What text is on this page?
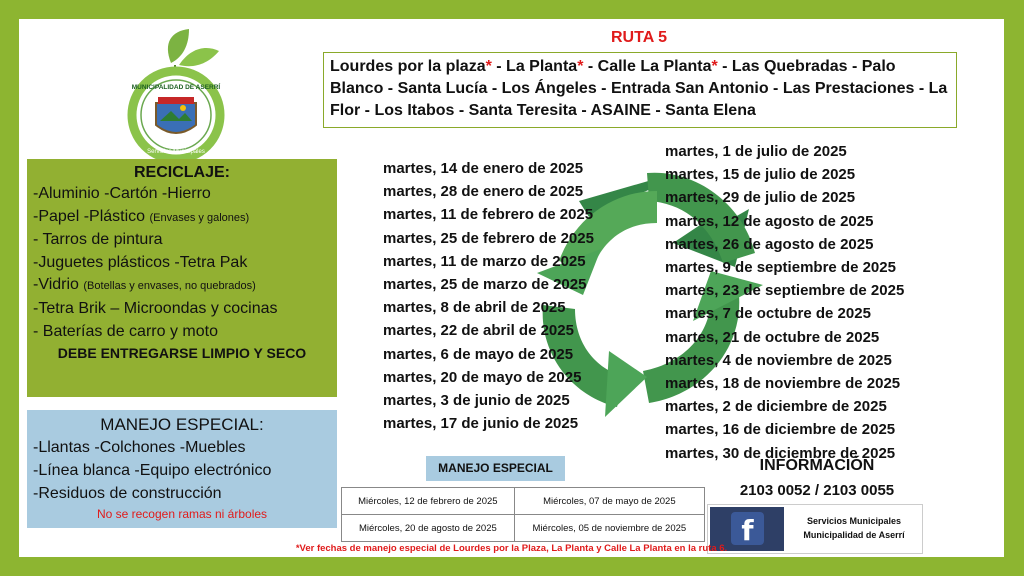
MUNICIPALIDAD DE ASERRÍ
Servicios Municipales
RUTA 5
Lourdes por la plaza* - La Planta* - Calle La Planta* - Las Quebradas - Palo Blanco - Santa Lucía - Los Ángeles - Entrada San Antonio - Las Prestaciones - La Flor - Los Itabos - Santa Teresita - ASAINE - Santa Elena
martes, 14 de enero de 2025
martes, 28 de enero de 2025
martes, 11 de febrero de 2025
martes, 25 de febrero de 2025
martes, 11 de marzo de 2025
martes, 25 de marzo de 2025
martes, 8 de abril de 2025
martes, 22 de abril de 2025
martes, 6 de mayo de 2025
martes, 20 de mayo de 2025
martes, 3 de junio de 2025
martes, 17 de junio de 2025
martes, 1 de julio de 2025
martes, 15 de julio de 2025
martes, 29 de julio de 2025
martes, 12 de agosto de 2025
martes, 26 de agosto de 2025
martes, 9 de septiembre de 2025
martes, 23 de septiembre de 2025
martes, 7 de octubre de 2025
martes, 21 de octubre de 2025
martes, 4 de noviembre de 2025
martes, 18 de noviembre de 2025
martes, 2 de diciembre de 2025
martes, 16 de diciembre de 2025
martes, 30 de diciembre de 2025
RECICLAJE:
-Aluminio -Cartón -Hierro
-Papel -Plástico (Envases y galones)
- Tarros de pintura
-Juguetes plásticos -Tetra Pak
-Vidrio (Botellas y envases, no quebrados)
-Tetra Brik – Microondas y cocinas
- Baterías de carro y moto
DEBE ENTREGARSE LIMPIO Y SECO
MANEJO ESPECIAL:
-Llantas -Colchones -Muebles
-Línea blanca -Equipo electrónico
-Residuos de construcción
No se recogen ramas ni árboles
MANEJO ESPECIAL
Miércoles, 12 de febrero de 2025	Miércoles, 07 de mayo de 2025
Miércoles, 20 de agosto de 2025	Miércoles, 05 de noviembre de 2025
INFORMACIÓN
2103 0052 / 2103 0055
f	Servicios Municipales
Municipalidad de Aserrí
*Ver fechas de manejo especial de Lourdes por la Plaza, La Planta y Calle La Planta en la ruta 6.
